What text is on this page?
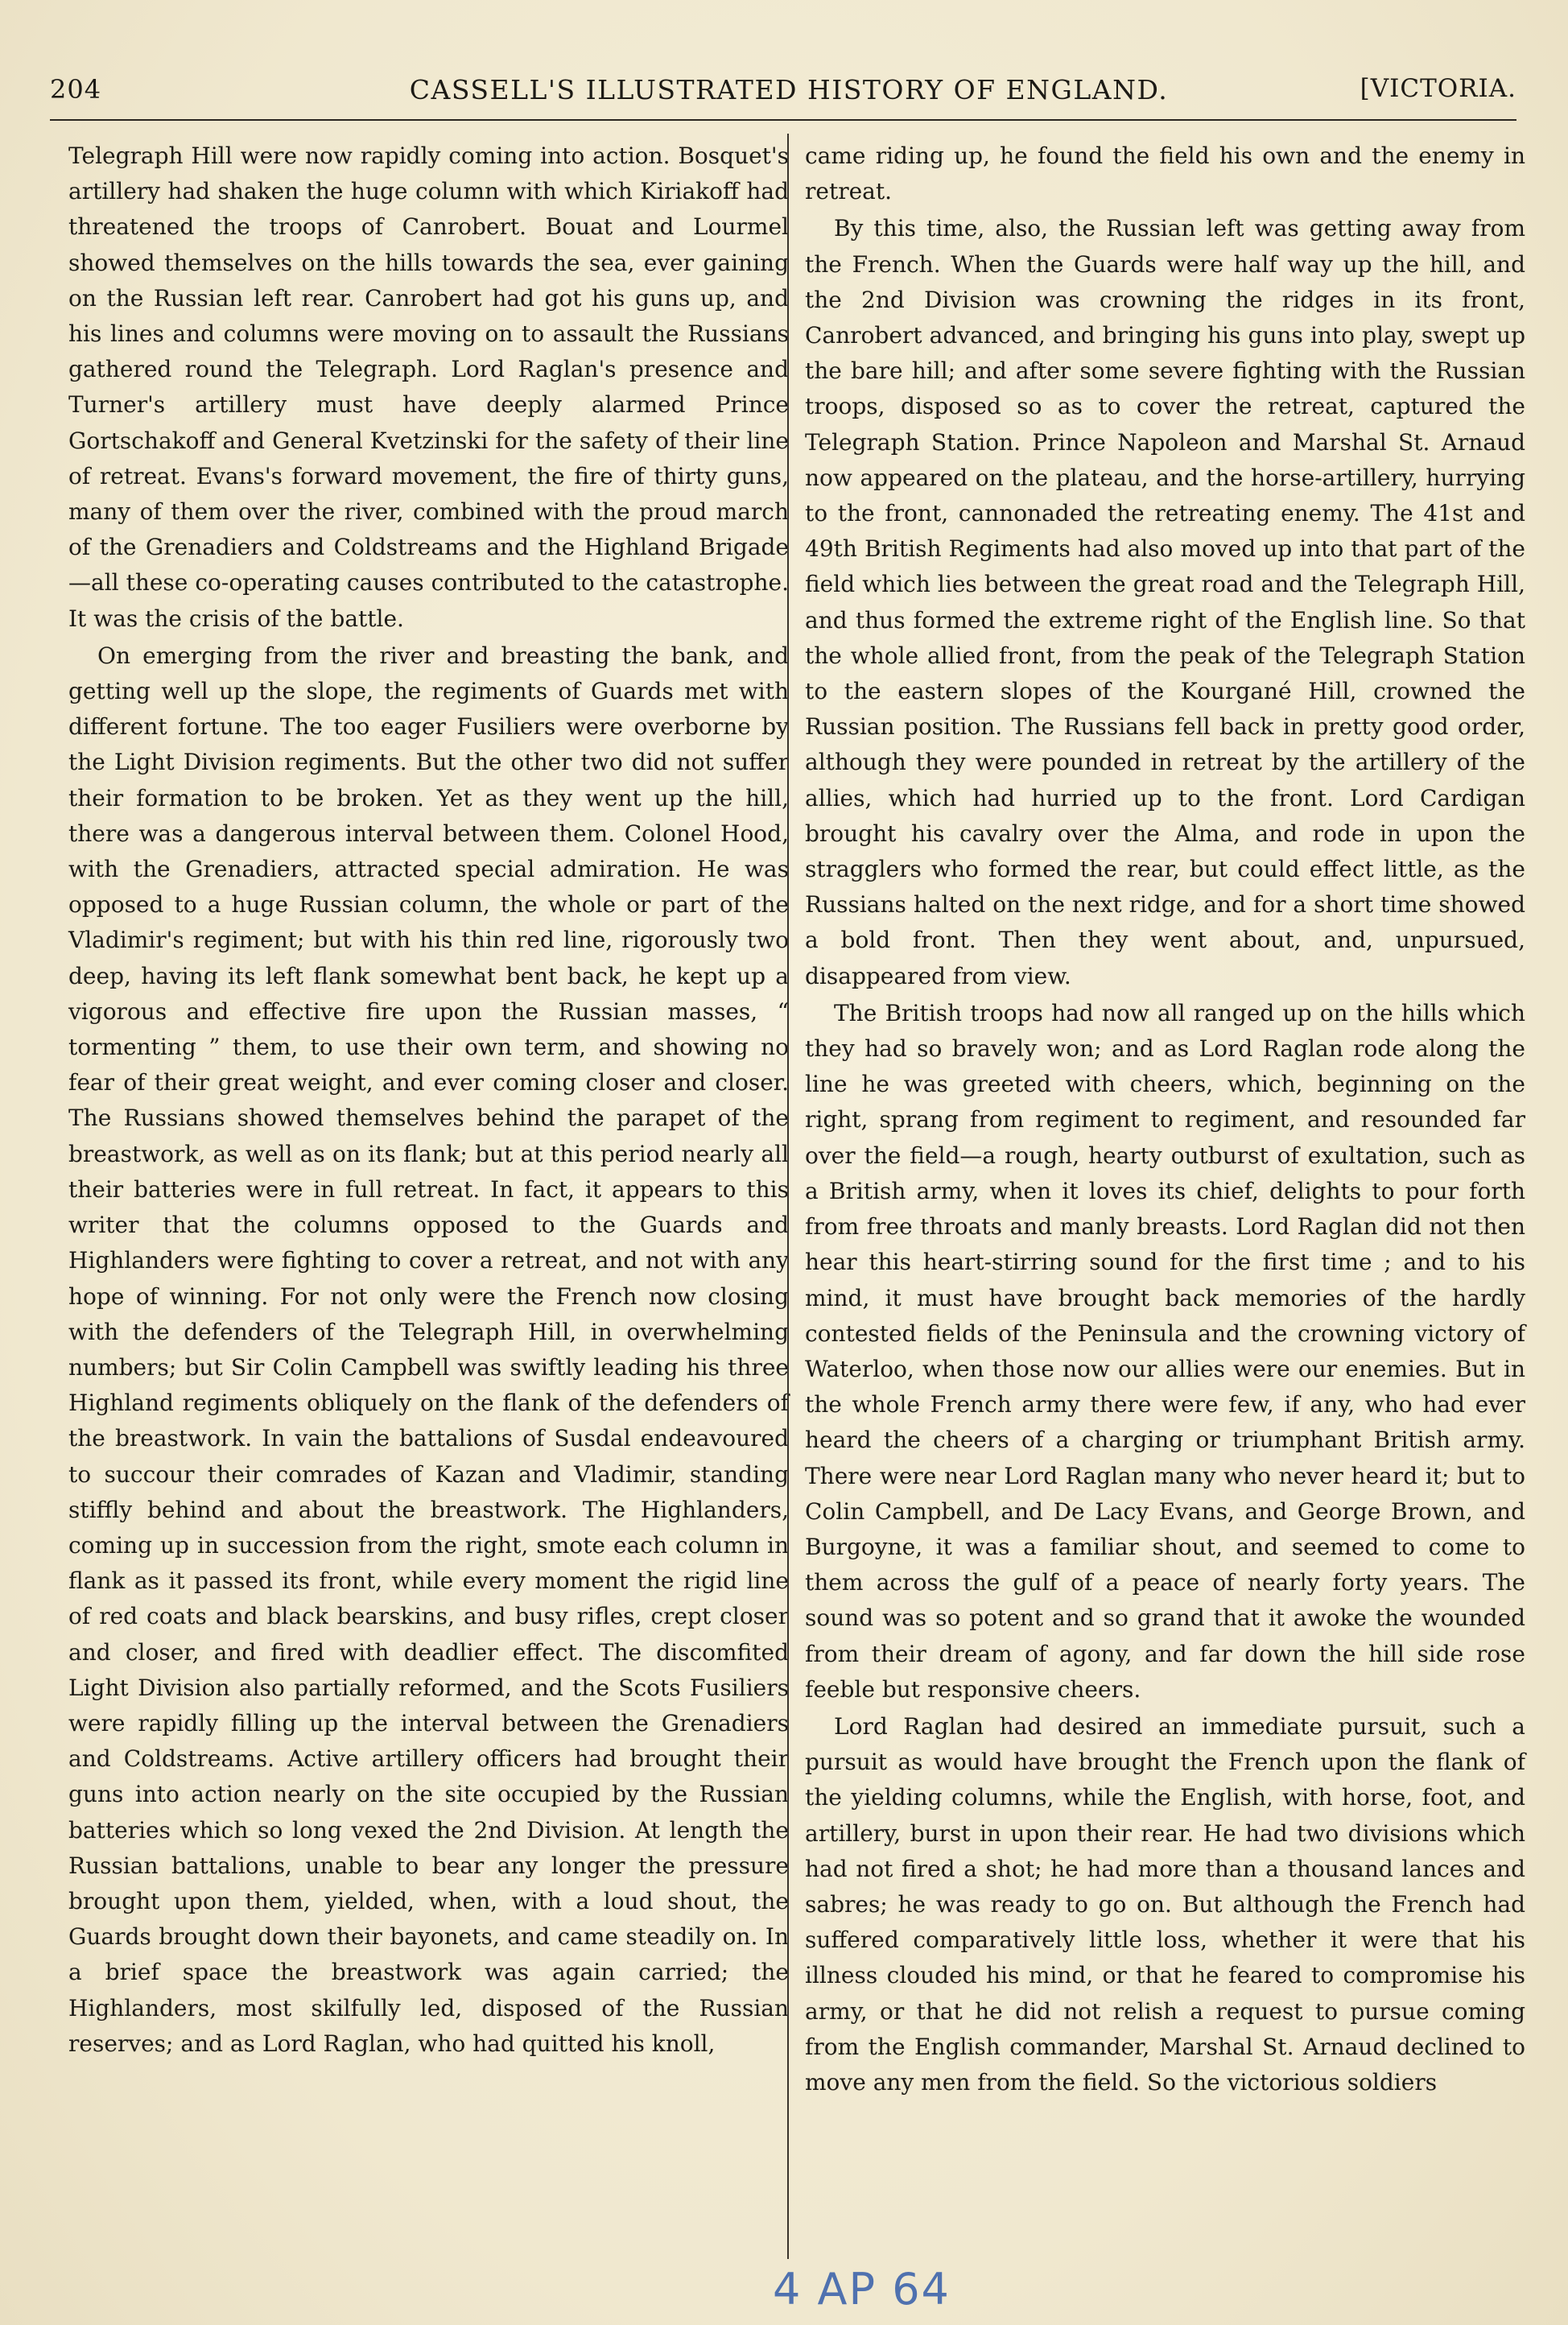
204	CASSELL'S ILLUSTRATED HISTORY OF ENGLAND.	[VICTORIA.

Telegraph Hill were now rapidly coming into action. Bosquet's artillery had shaken the huge column with which Kiriakoff had threatened the troops of Canrobert. Bouat and Lourmel showed themselves on the hills towards the sea, ever gaining on the Russian left rear. Canrobert had got his guns up, and his lines and columns were moving on to assault the Russians gathered round the Telegraph. Lord Raglan's presence and Turner's artillery must have deeply alarmed Prince Gortschakoff and General Kvetzinski for the safety of their line of retreat. Evans's forward movement, the fire of thirty guns, many of them over the river, combined with the proud march of the Grenadiers and Coldstreams and the Highland Brigade—all these co-operating causes contributed to the catastrophe. It was the crisis of the battle.

On emerging from the river and breasting the bank, and getting well up the slope, the regiments of Guards met with different fortune. The too eager Fusiliers were overborne by the Light Division regiments. But the other two did not suffer their formation to be broken. Yet as they went up the hill, there was a dangerous interval between them. Colonel Hood, with the Grenadiers, attracted special admiration. He was opposed to a huge Russian column, the whole or part of the Vladimir's regiment; but with his thin red line, rigorously two deep, having its left flank somewhat bent back, he kept up a vigorous and effective fire upon the Russian masses, “ tormenting ” them, to use their own term, and showing no fear of their great weight, and ever coming closer and closer. The Russians showed themselves behind the parapet of the breastwork, as well as on its flank; but at this period nearly all their batteries were in full retreat. In fact, it appears to this writer that the columns opposed to the Guards and Highlanders were fighting to cover a retreat, and not with any hope of winning. For not only were the French now closing with the defenders of the Telegraph Hill, in overwhelming numbers; but Sir Colin Campbell was swiftly leading his three Highland regiments obliquely on the flank of the defenders of the breastwork. In vain the battalions of Susdal endeavoured to succour their comrades of Kazan and Vladimir, standing stiffly behind and about the breastwork. The Highlanders, coming up in succession from the right, smote each column in flank as it passed its front, while every moment the rigid line of red coats and black bearskins, and busy rifles, crept closer and closer, and fired with deadlier effect. The discomfited Light Division also partially reformed, and the Scots Fusiliers were rapidly filling up the interval between the Grenadiers and Coldstreams. Active artillery officers had brought their guns into action nearly on the site occupied by the Russian batteries which so long vexed the 2nd Division. At length the Russian battalions, unable to bear any longer the pressure brought upon them, yielded, when, with a loud shout, the Guards brought down their bayonets, and came steadily on. In a brief space the breastwork was again carried; the Highlanders, most skilfully led, disposed of the Russian reserves; and as Lord Raglan, who had quitted his knoll,

came riding up, he found the field his own and the enemy in retreat.

By this time, also, the Russian left was getting away from the French. When the Guards were half way up the hill, and the 2nd Division was crowning the ridges in its front, Canrobert advanced, and bringing his guns into play, swept up the bare hill; and after some severe fighting with the Russian troops, disposed so as to cover the retreat, captured the Telegraph Station. Prince Napoleon and Marshal St. Arnaud now appeared on the plateau, and the horse-artillery, hurrying to the front, cannonaded the retreating enemy. The 41st and 49th British Regiments had also moved up into that part of the field which lies between the great road and the Telegraph Hill, and thus formed the extreme right of the English line. So that the whole allied front, from the peak of the Telegraph Station to the eastern slopes of the Kourgané Hill, crowned the Russian position. The Russians fell back in pretty good order, although they were pounded in retreat by the artillery of the allies, which had hurried up to the front. Lord Cardigan brought his cavalry over the Alma, and rode in upon the stragglers who formed the rear, but could effect little, as the Russians halted on the next ridge, and for a short time showed a bold front. Then they went about, and, unpursued, disappeared from view.

The British troops had now all ranged up on the hills which they had so bravely won; and as Lord Raglan rode along the line he was greeted with cheers, which, beginning on the right, sprang from regiment to regiment, and resounded far over the field—a rough, hearty outburst of exultation, such as a British army, when it loves its chief, delights to pour forth from free throats and manly breasts. Lord Raglan did not then hear this heart-stirring sound for the first time ; and to his mind, it must have brought back memories of the hardly contested fields of the Peninsula and the crowning victory of Waterloo, when those now our allies were our enemies. But in the whole French army there were few, if any, who had ever heard the cheers of a charging or triumphant British army. There were near Lord Raglan many who never heard it; but to Colin Campbell, and De Lacy Evans, and George Brown, and Burgoyne, it was a familiar shout, and seemed to come to them across the gulf of a peace of nearly forty years. The sound was so potent and so grand that it awoke the wounded from their dream of agony, and far down the hill side rose feeble but responsive cheers.

Lord Raglan had desired an immediate pursuit, such a pursuit as would have brought the French upon the flank of the yielding columns, while the English, with horse, foot, and artillery, burst in upon their rear. He had two divisions which had not fired a shot; he had more than a thousand lances and sabres; he was ready to go on. But although the French had suffered comparatively little loss, whether it were that his illness clouded his mind, or that he feared to compromise his army, or that he did not relish a request to pursue coming from the English commander, Marshal St. Arnaud declined to move any men from the field. So the victorious soldiers

4 AP 64
